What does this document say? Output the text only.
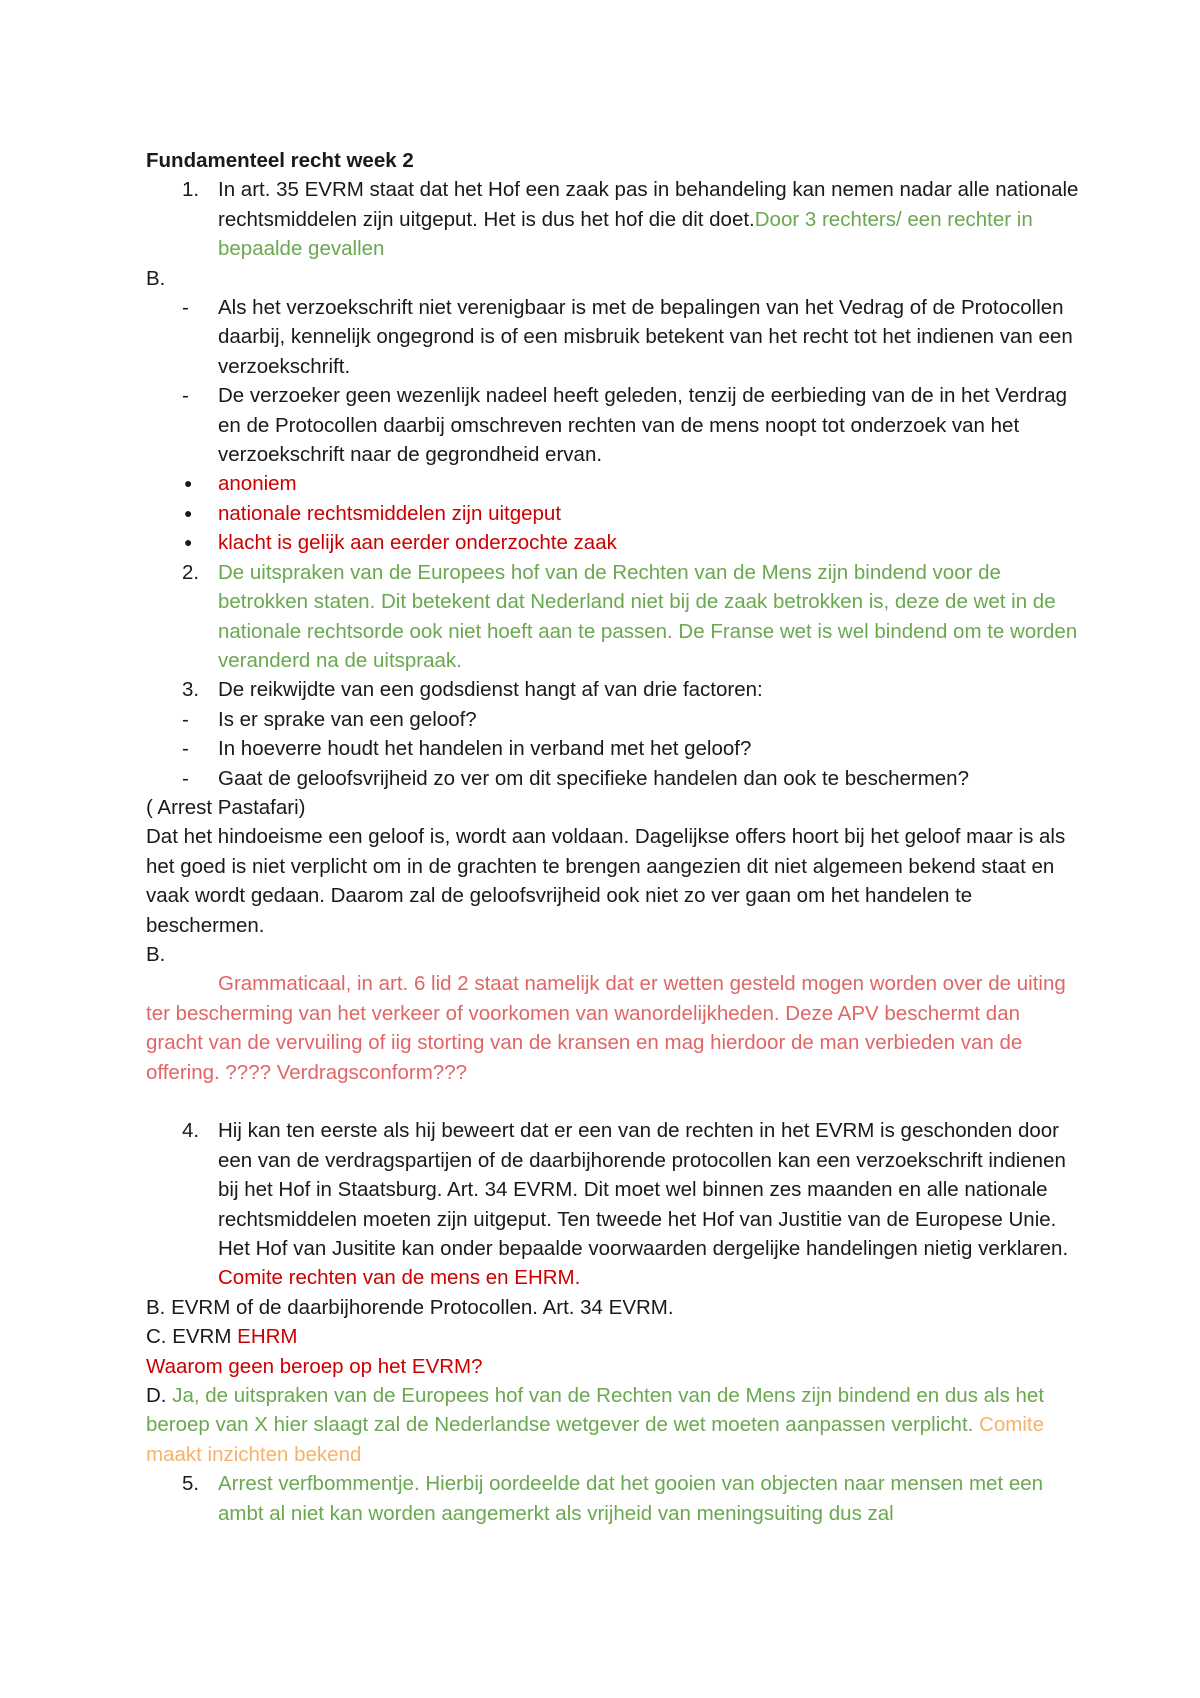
Fundamenteel recht week 2
1. In art. 35 EVRM staat dat het Hof een zaak pas in behandeling kan nemen nadar alle nationale rechtsmiddelen zijn uitgeput. Het is dus het hof die dit doet.Door 3 rechters/ een rechter in bepaalde gevallen
B.
-	Als het verzoekschrift niet verenigbaar is met de bepalingen van het Vedrag of de Protocollen daarbij, kennelijk ongegrond is of een misbruik betekent van het recht tot het indienen van een verzoekschrift.
-	De verzoeker geen wezenlijk nadeel heeft geleden, tenzij de eerbieding van de in het Verdrag en de Protocollen daarbij omschreven rechten van de mens noopt tot onderzoek van het verzoekschrift naar de gegrondheid ervan.
●	anoniem
●	nationale rechtsmiddelen zijn uitgeput
●	klacht is gelijk aan eerder onderzochte zaak
2. De uitspraken van de Europees hof van de Rechten van de Mens zijn bindend voor de betrokken staten. Dit betekent dat Nederland niet bij de zaak betrokken is, deze de wet in de nationale rechtsorde ook niet hoeft aan te passen. De Franse wet is wel bindend om te worden veranderd na de uitspraak.
3. De reikwijdte van een godsdienst hangt af van drie factoren:
-	Is er sprake van een geloof?
-	In hoeverre houdt het handelen in verband met het geloof?
-	Gaat de geloofsvrijheid zo ver om dit specifieke handelen dan ook te beschermen?
( Arrest Pastafari)
Dat het hindoeisme een geloof is, wordt aan voldaan. Dagelijkse offers hoort bij het geloof maar is als het goed is niet verplicht om in de grachten te brengen aangezien dit niet algemeen bekend staat en vaak wordt gedaan. Daarom zal de geloofsvrijheid ook niet zo ver gaan om het handelen te beschermen.
B.
Grammaticaal, in art. 6 lid 2 staat namelijk dat er wetten gesteld mogen worden over de uiting ter bescherming van het verkeer of voorkomen van wanordelijkheden. Deze APV beschermt dan gracht van de vervuiling of iig storting van de kransen en mag hierdoor de man verbieden van de offering. ???? Verdragsconform???
4. Hij kan ten eerste als hij beweert dat er een van de rechten in het EVRM is geschonden door een van de verdragspartijen of de daarbijhorende protocollen kan een verzoekschrift indienen bij het Hof in Staatsburg. Art. 34 EVRM. Dit moet wel binnen zes maanden en alle nationale rechtsmiddelen moeten zijn uitgeput. Ten tweede het Hof van Justitie van de Europese Unie. Het Hof van Jusitite kan onder bepaalde voorwaarden dergelijke handelingen nietig verklaren. Comite rechten van de mens en EHRM.
B. EVRM of de daarbijhorende Protocollen. Art. 34 EVRM.
C. EVRM EHRM
Waarom geen beroep op het EVRM?
D. Ja, de uitspraken van de Europees hof van de Rechten van de Mens zijn bindend en dus als het beroep van X hier slaagt zal de Nederlandse wetgever de wet moeten aanpassen verplicht. Comite maakt inzichten bekend
5. Arrest verfbommentje. Hierbij oordeelde dat het gooien van objecten naar mensen met een ambt al niet kan worden aangemerkt als vrijheid van meningsuiting dus zal
